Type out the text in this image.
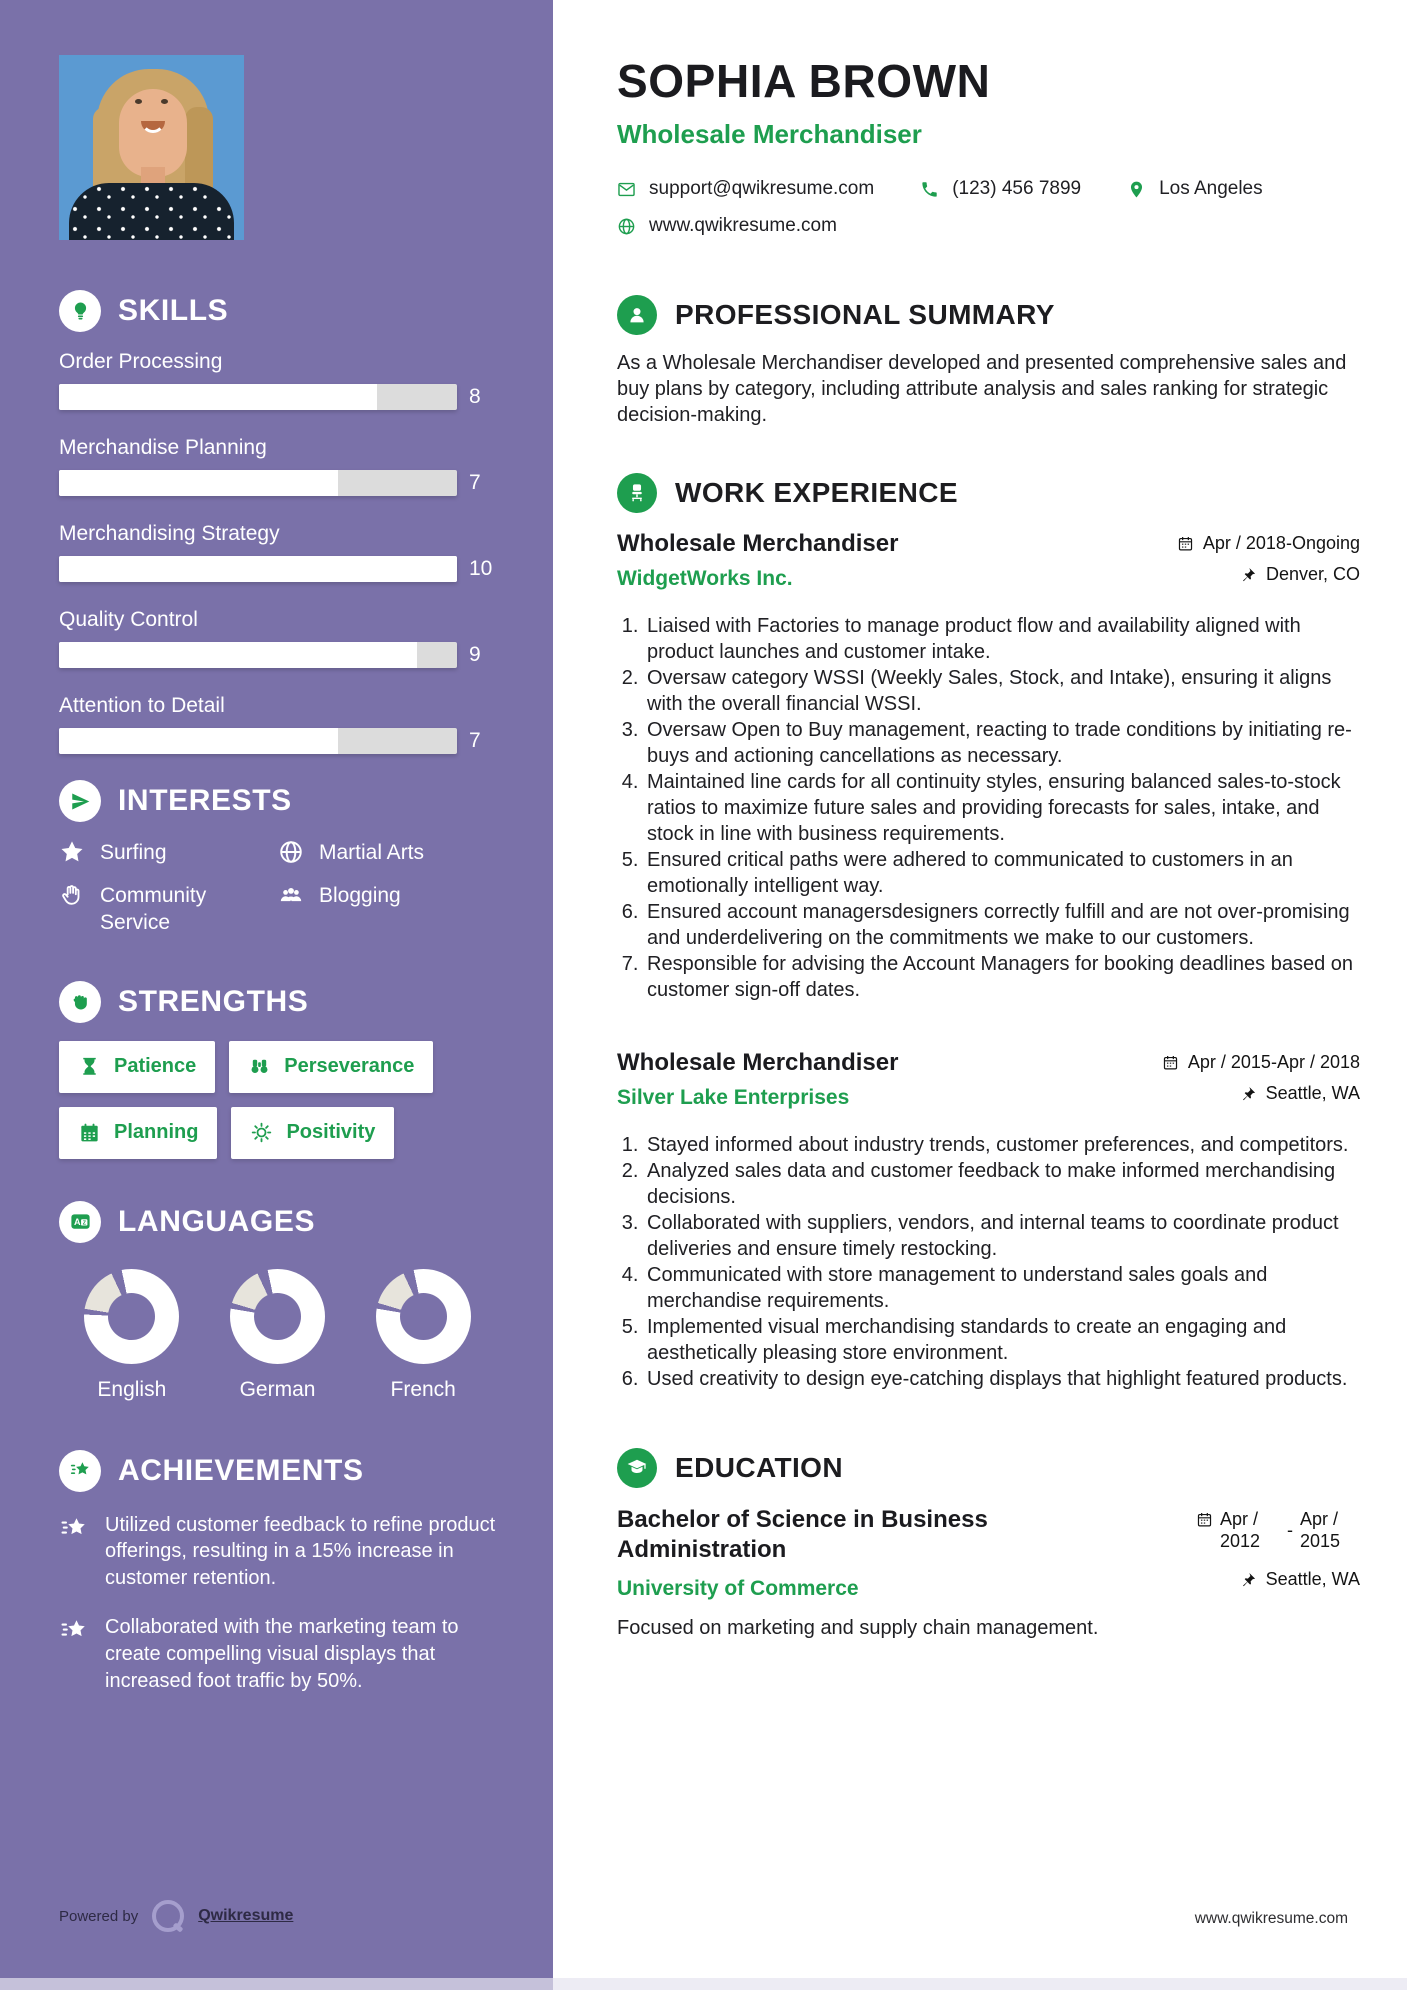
SKILLS
Order Processing
8
Merchandise Planning
7
Merchandising Strategy
10
Quality Control
9
Attention to Detail
7
INTERESTS
Surfing	Martial Arts
Community Service
Blogging
STRENGTHS
Patience	Perseverance
Planning	Positivity
A Z LANGUAGES
English	German	French
ACHIEVEMENTS
Utilized customer feedback to refine product offerings, resulting in a 15% increase in customer retention.
Collaborated with the marketing team to create compelling visual displays that increased foot traffic by 50%.
Powered by	Qwikresume
SOPHIA BROWN
Wholesale Merchandiser
support@qwikresume.com	(123) 456 7899	Los Angeles
www.qwikresume.com
PROFESSIONAL SUMMARY

As a Wholesale Merchandiser developed and presented comprehensive sales and buy plans by category, including attribute analysis and sales ranking for strategic decision-making.

WORK EXPERIENCE
Wholesale Merchandiser
WidgetWorks Inc.
Apr / 2018-Ongoing
Denver, CO
1. Liaised with Factories to manage product flow and availability aligned with product launches and customer intake.
2. Oversaw category WSSI (Weekly Sales, Stock, and Intake), ensuring it aligns with the overall financial WSSI.
3. Oversaw Open to Buy management, reacting to trade conditions by initiating re-buys and actioning cancellations as necessary.
4. Maintained line cards for all continuity styles, ensuring balanced sales-to-stock ratios to maximize future sales and providing forecasts for sales, intake, and stock in line with business requirements.
5. Ensured critical paths were adhered to communicated to customers in an emotionally intelligent way.
6. Ensured account managersdesigners correctly fulfill and are not over-promising and underdelivering on the commitments we make to our customers.
7. Responsible for advising the Account Managers for booking deadlines based on customer sign-off dates.
Wholesale Merchandiser
Silver Lake Enterprises
Apr / 2015-Apr / 2018
Seattle, WA
1. Stayed informed about industry trends, customer preferences, and competitors.
2. Analyzed sales data and customer feedback to make informed merchandising decisions.
3. Collaborated with suppliers, vendors, and internal teams to coordinate product deliveries and ensure timely restocking.
4. Communicated with store management to understand sales goals and merchandise requirements.
5. Implemented visual merchandising standards to create an engaging and aesthetically pleasing store environment.
6. Used creativity to design eye-catching displays that highlight featured products.
EDUCATION
Bachelor of Science in Business Administration
University of Commerce
Apr / 2012
-
Apr / 2015
Seattle, WA

Focused on marketing and supply chain management.

www.qwikresume.com
